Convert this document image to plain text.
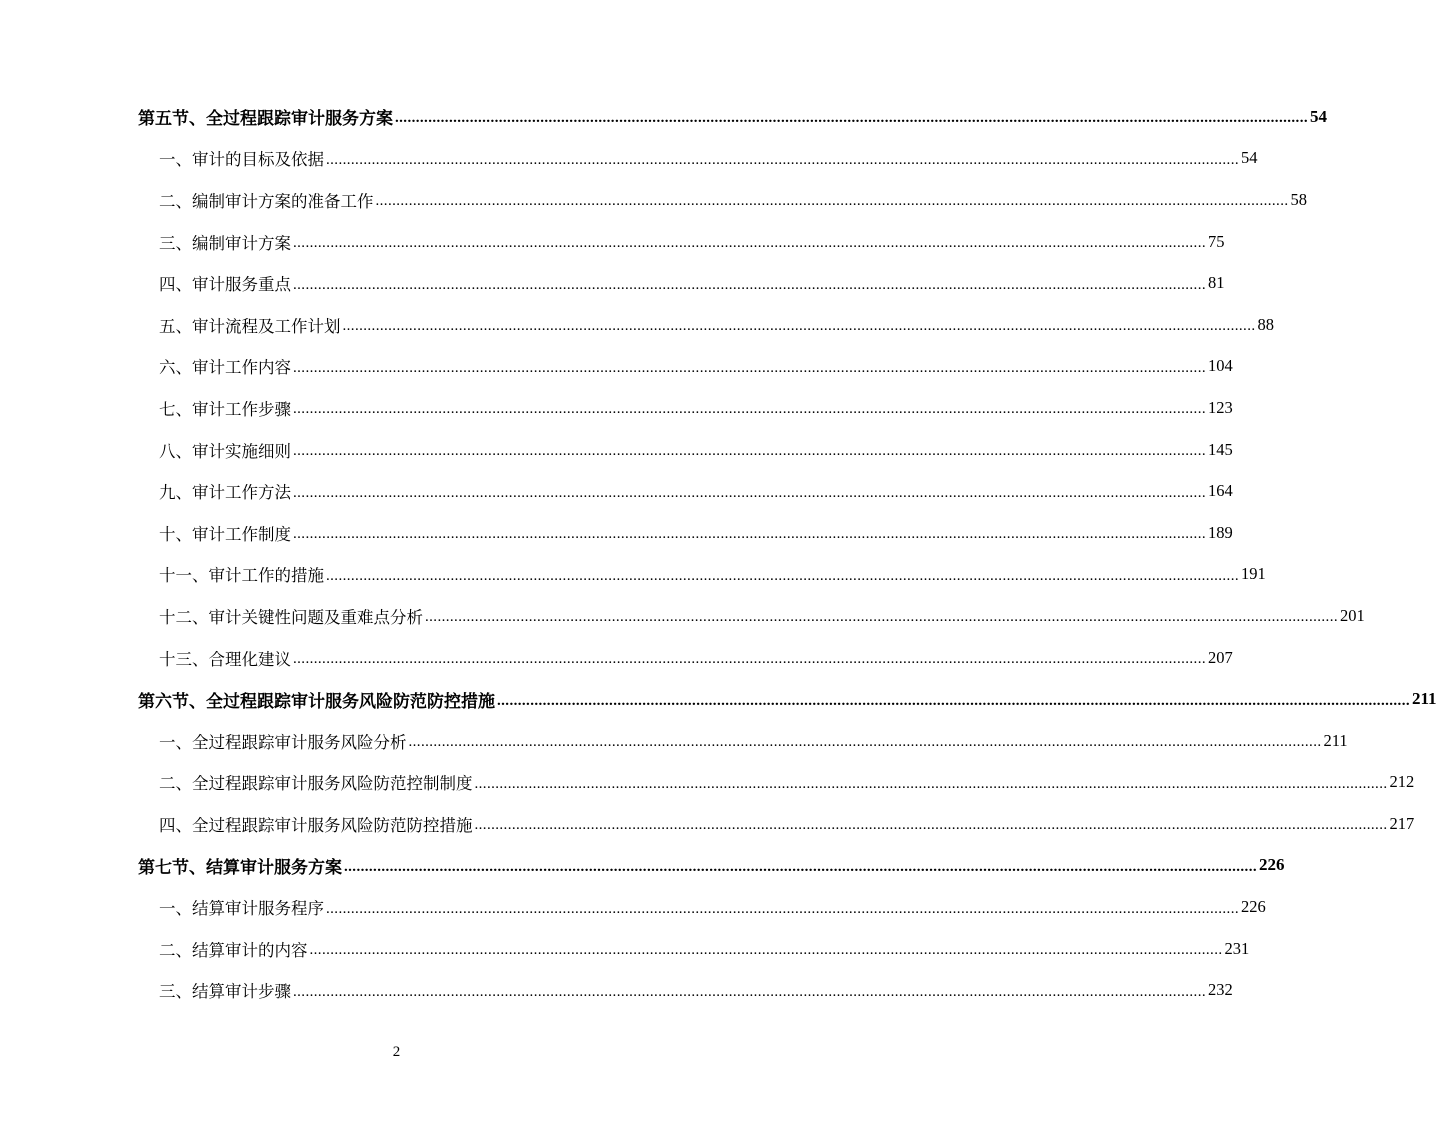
第五节、全过程跟踪审计服务方案 ............................................................................................................................................................................................................................ 54
一、审计的目标及依据 ............................................................................................................................................................................................................................ 54
二、编制审计方案的准备工作 ............................................................................................................................................................................................................................ 58
三、编制审计方案 ............................................................................................................................................................................................................................ 75
四、审计服务重点 ............................................................................................................................................................................................................................ 81
五、审计流程及工作计划 ............................................................................................................................................................................................................................ 88
六、审计工作内容 ............................................................................................................................................................................................................................ 104
七、审计工作步骤 ............................................................................................................................................................................................................................ 123
八、审计实施细则 ............................................................................................................................................................................................................................ 145
九、审计工作方法 ............................................................................................................................................................................................................................ 164
十、审计工作制度 ............................................................................................................................................................................................................................ 189
十一、审计工作的措施 ............................................................................................................................................................................................................................ 191
十二、审计关键性问题及重难点分析 ............................................................................................................................................................................................................................ 201
十三、合理化建议 ............................................................................................................................................................................................................................ 207
第六节、全过程跟踪审计服务风险防范防控措施 ............................................................................................................................................................................................................................ 211
一、全过程跟踪审计服务风险分析 ............................................................................................................................................................................................................................ 211
二、全过程跟踪审计服务风险防范控制制度 ............................................................................................................................................................................................................................ 212
四、全过程跟踪审计服务风险防范防控措施 ............................................................................................................................................................................................................................ 217
第七节、结算审计服务方案 ............................................................................................................................................................................................................................ 226
一、结算审计服务程序 ............................................................................................................................................................................................................................ 226
二、结算审计的内容 ............................................................................................................................................................................................................................ 231
三、结算审计步骤 ............................................................................................................................................................................................................................ 232
2
